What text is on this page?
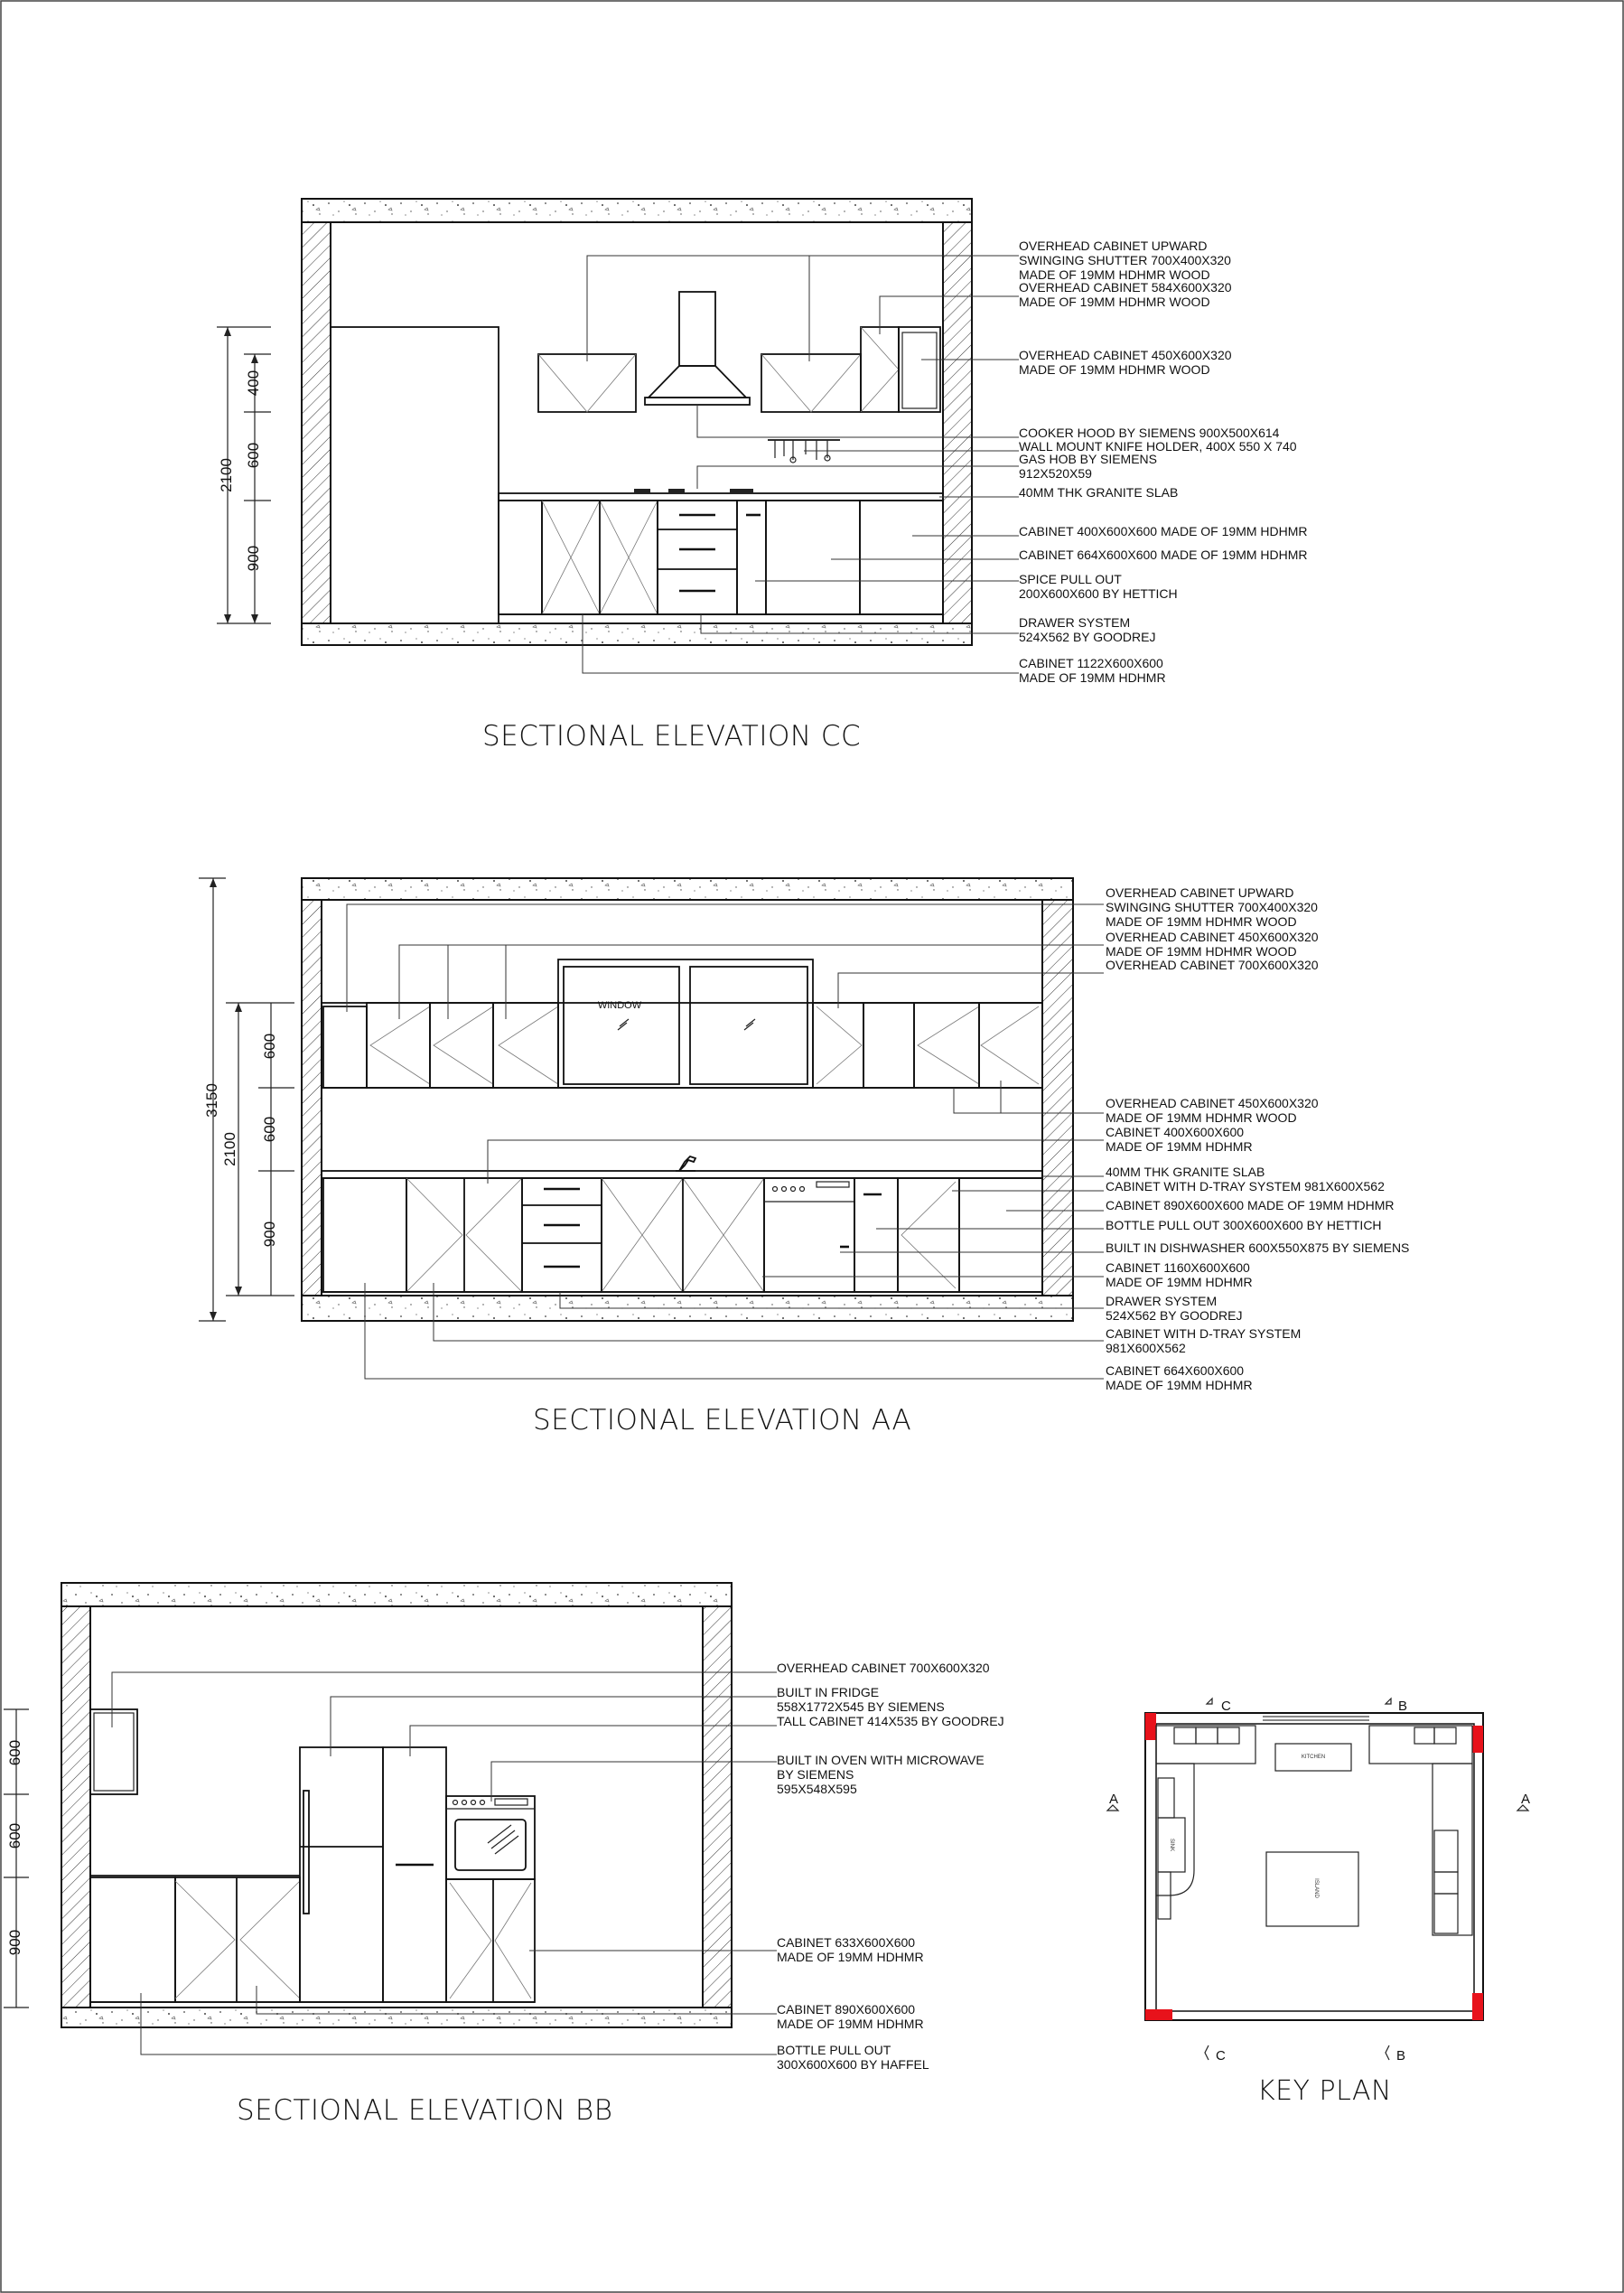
400
600
900
2100
OVERHEAD CABINET UPWARD SWINGING SHUTTER 700X400X320 MADE OF 19MM HDHMR WOOD
OVERHEAD CABINET 584X600X320 MADE OF 19MM HDHMR WOOD
OVERHEAD CABINET 450X600X320 MADE OF 19MM HDHMR WOOD
COOKER HOOD BY SIEMENS 900X500X614
WALL MOUNT KNIFE HOLDER, 400X 550 X 740
GAS HOB BY SIEMENS 912X520X59
40MM THK GRANITE SLAB
CABINET 400X600X600 MADE OF 19MM HDHMR
CABINET 664X600X600 MADE OF 19MM HDHMR
SPICE PULL OUT 200X600X600 BY HETTICH
DRAWER SYSTEM 524X562 BY GOODREJ
CABINET 1122X600X600 MADE OF 19MM HDHMR
SECTIONAL ELEVATION CC
WINDOW
600
600
900
2100
3150
OVERHEAD CABINET UPWARD SWINGING SHUTTER 700X400X320 MADE OF 19MM HDHMR WOOD
OVERHEAD CABINET 450X600X320 MADE OF 19MM HDHMR WOOD
OVERHEAD CABINET 700X600X320
OVERHEAD CABINET 450X600X320 MADE OF 19MM HDHMR WOOD
CABINET 400X600X600 MADE OF 19MM HDHMR
40MM THK GRANITE SLAB
CABINET WITH D-TRAY SYSTEM 981X600X562
CABINET 890X600X600 MADE OF 19MM HDHMR
BOTTLE PULL OUT 300X600X600 BY HETTICH
BUILT IN DISHWASHER 600X550X875 BY SIEMENS
CABINET 1160X600X600 MADE OF 19MM HDHMR
DRAWER SYSTEM 524X562 BY GOODREJ
CABINET WITH D-TRAY SYSTEM 981X600X562
CABINET 664X600X600 MADE OF 19MM HDHMR
SECTIONAL ELEVATION AA
600
600
900
OVERHEAD CABINET 700X600X320
BUILT IN FRIDGE 558X1772X545 BY SIEMENS
TALL CABINET 414X535 BY GOODREJ
BUILT IN OVEN WITH MICROWAVE BY SIEMENS 595X548X595
CABINET 633X600X600 MADE OF 19MM HDHMR
CABINET 890X600X600 MADE OF 19MM HDHMR
BOTTLE PULL OUT 300X600X600 BY HAFFEL
SECTIONAL ELEVATION BB
KITCHEN
SINK
ISLAND
C	B
A	A
C	B
KEY PLAN
